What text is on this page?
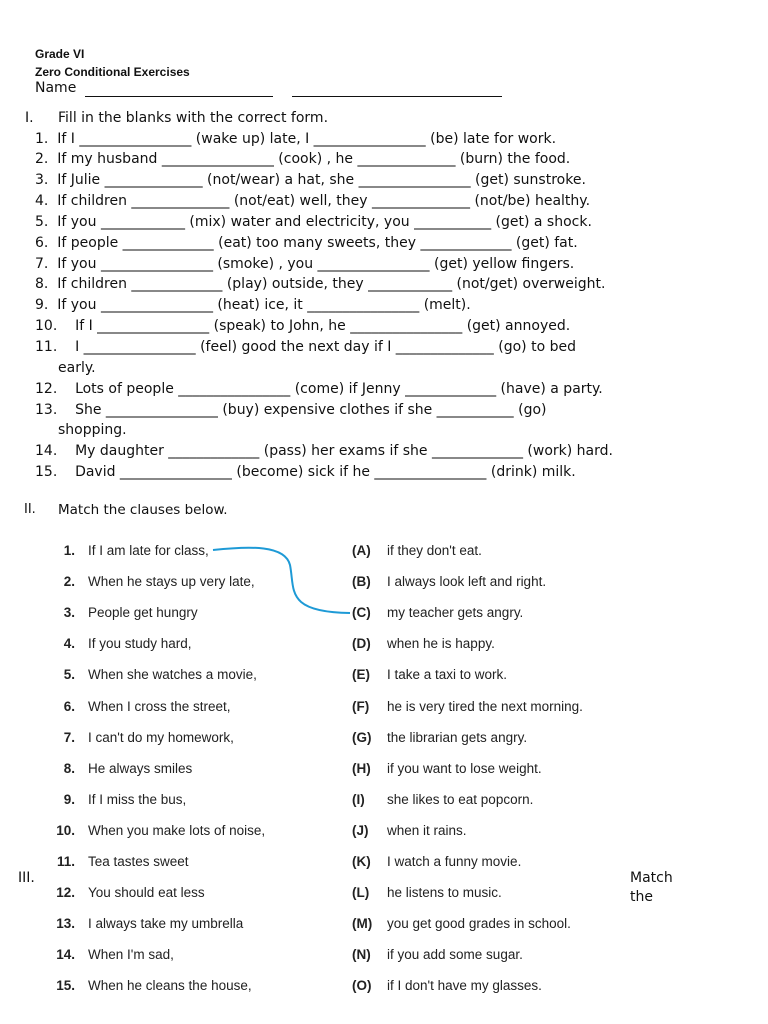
Grade VI
Zero Conditional Exercises
Name
I. Fill in the blanks with the correct form.
1.  If I ________________ (wake up) late, I ________________ (be) late for work.
2.  If my husband ________________ (cook) , he ______________ (burn) the food.
3.  If Julie ______________ (not/wear) a hat, she ________________ (get) sunstroke.
4.  If children ______________ (not/eat) well, they ______________ (not/be) healthy.
5.  If you ____________ (mix) water and electricity, you ___________ (get) a shock.
6.  If people _____________ (eat) too many sweets, they _____________ (get) fat.
7.  If you ________________ (smoke) , you ________________ (get) yellow fingers.
8.  If children _____________ (play) outside, they ____________ (not/get) overweight.
9.  If you ________________ (heat) ice, it ________________ (melt).
10.    If I ________________ (speak) to John, he ________________ (get) annoyed.
11.    I ________________ (feel) good the next day if I ______________ (go) to bed
early.
12.    Lots of people ________________ (come) if Jenny _____________ (have) a party.
13.    She ________________ (buy) expensive clothes if she ___________ (go)
shopping.
14.    My daughter _____________ (pass) her exams if she _____________ (work) hard.
15.    David ________________ (become) sick if he ________________ (drink) milk.
II. Match the clauses below.
1. If I am late for class,
2. When he stays up very late,
3. People get hungry
4. If you study hard,
5. When she watches a movie,
6. When I cross the street,
7. I can't do my homework,
8. He always smiles
9. If I miss the bus,
10. When you make lots of noise,
11. Tea tastes sweet
12. You should eat less
13. I always take my umbrella
14. When I'm sad,
15. When he cleans the house,
(A) if they don't eat.
(B) I always look left and right.
(C) my teacher gets angry.
(D) when he is happy.
(E) I take a taxi to work.
(F) he is very tired the next morning.
(G) the librarian gets angry.
(H) if you want to lose weight.
(I) she likes to eat popcorn.
(J) when it rains.
(K) I watch a funny movie.
(L) he listens to music.
(M) you get good grades in school.
(N) if you add some sugar.
(O) if I don't have my glasses.
III.	Match
the
